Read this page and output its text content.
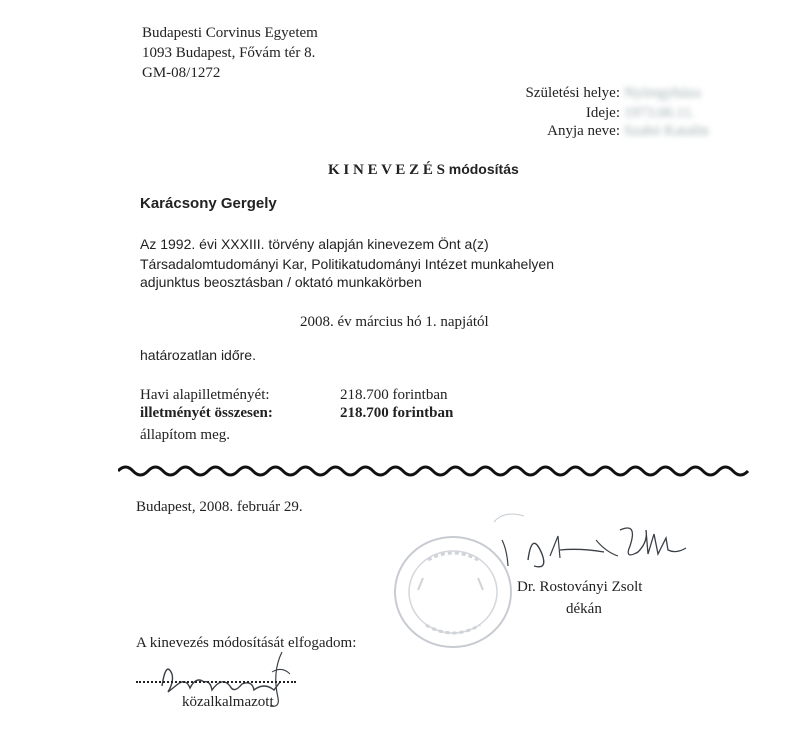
Budapesti Corvinus Egyetem
1093 Budapest, Fővám tér 8.
GM-08/1272
Születési helye: Nyíregyháza
Ideje: 1973.06.11.
Anyja neve: Szabó Katalin
K I N E V E Z É S módosítás
Karácsony Gergely
Az 1992. évi XXXIII. törvény alapján kinevezem Önt a(z)
Társadalomtudományi Kar, Politikatudományi Intézet munkahelyen
adjunktus beosztásban / oktató munkakörben
2008. év március hó 1. napjától
határozatlan időre.
Havi alapilletményét:	218.700 forintban
illetményét összesen:	218.700 forintban
állapítom meg.
Budapest, 2008. február 29.
Dr. Rostoványi Zsolt
dékán
A kinevezés módosítását elfogadom:
közalkalmazott
